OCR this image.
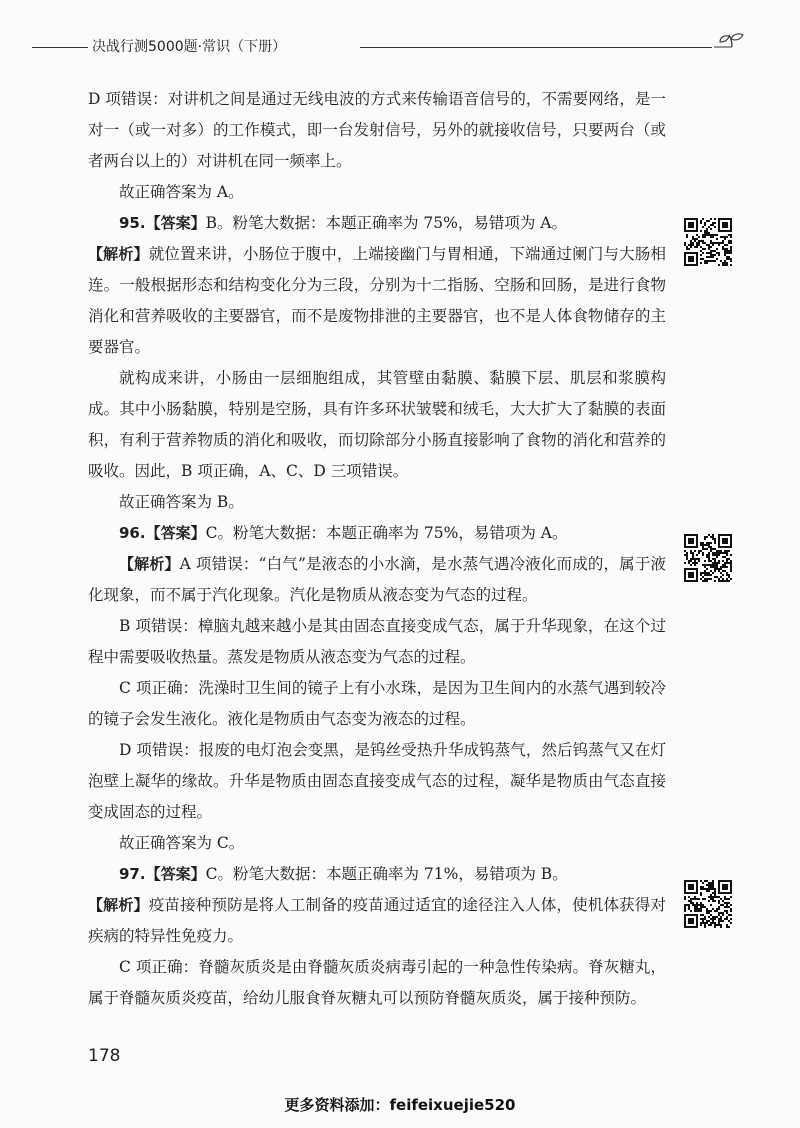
决战行测5000题·常识（下册）

D 项错误：对讲机之间是通过无线电波的方式来传输语音信号的，不需要网络，是一对一（或一对多）的工作模式，即一台发射信号，另外的就接收信号，只要两台（或者两台以上的）对讲机在同一频率上。

故正确答案为 A。

95.【答案】B。粉笔大数据：本题正确率为 75%，易错项为 A。

【解析】就位置来讲，小肠位于腹中，上端接幽门与胃相通，下端通过阑门与大肠相连。一般根据形态和结构变化分为三段，分别为十二指肠、空肠和回肠，是进行食物消化和营养吸收的主要器官，而不是废物排泄的主要器官，也不是人体食物储存的主要器官。

就构成来讲，小肠由一层细胞组成，其管壁由黏膜、黏膜下层、肌层和浆膜构成。其中小肠黏膜，特别是空肠，具有许多环状皱襞和绒毛，大大扩大了黏膜的表面积，有利于营养物质的消化和吸收，而切除部分小肠直接影响了食物的消化和营养的吸收。因此，B 项正确，A、C、D 三项错误。

故正确答案为 B。

96.【答案】C。粉笔大数据：本题正确率为 75%，易错项为 A。

【解析】A 项错误：“白气”是液态的小水滴，是水蒸气遇冷液化而成的，属于液化现象，而不属于汽化现象。汽化是物质从液态变为气态的过程。

B 项错误：樟脑丸越来越小是其由固态直接变成气态，属于升华现象，在这个过程中需要吸收热量。蒸发是物质从液态变为气态的过程。

C 项正确：洗澡时卫生间的镜子上有小水珠，是因为卫生间内的水蒸气遇到较冷的镜子会发生液化。液化是物质由气态变为液态的过程。

D 项错误：报废的电灯泡会变黑，是钨丝受热升华成钨蒸气，然后钨蒸气又在灯泡壁上凝华的缘故。升华是物质由固态直接变成气态的过程，凝华是物质由气态直接变成固态的过程。

故正确答案为 C。

97.【答案】C。粉笔大数据：本题正确率为 71%，易错项为 B。

【解析】疫苗接种预防是将人工制备的疫苗通过适宜的途径注入人体，使机体获得对疾病的特异性免疫力。

C 项正确：脊髓灰质炎是由脊髓灰质炎病毒引起的一种急性传染病。脊灰糖丸，属于脊髓灰质炎疫苗，给幼儿服食脊灰糖丸可以预防脊髓灰质炎，属于接种预防。

178
更多资料添加：feifeixuejie520
